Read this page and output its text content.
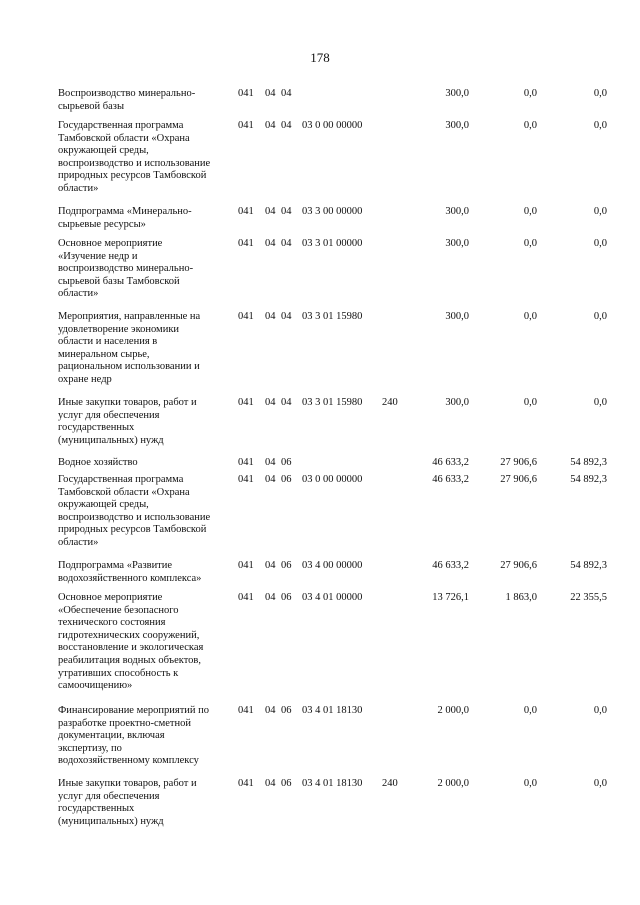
178
Воспроизводство минерально-
сырьевой базы
041 04 04	300,0	0,0	0,0
Государственная программа
Тамбовской области «Охрана
окружающей среды,
воспроизводство и использование
природных ресурсов Тамбовской
области»
041 04 04 03 0 00 00000	300,0	0,0	0,0
Подпрограмма «Минерально-
сырьевые ресурсы»
041 04 04 03 3 00 00000	300,0	0,0	0,0
Основное мероприятие
«Изучение недр и
воспроизводство минерально-
сырьевой базы Тамбовской
области»
041 04 04 03 3 01 00000	300,0	0,0	0,0
Мероприятия, направленные на
удовлетворение экономики
области и населения в
минеральном сырье,
рациональном использовании и
охране недр
041 04 04 03 3 01 15980	300,0	0,0	0,0
Иные закупки товаров, работ и
услуг для обеспечения
государственных
(муниципальных) нужд
041 04 04 03 3 01 15980 240	300,0	0,0	0,0
Водное хозяйство	041 04 06	46 633,2	27 906,6	54 892,3
Государственная программа
Тамбовской области «Охрана
окружающей среды,
воспроизводство и использование
природных ресурсов Тамбовской
области»
041 04 06 03 0 00 00000	46 633,2	27 906,6	54 892,3
Подпрограмма «Развитие
водохозяйственного комплекса»
041 04 06 03 4 00 00000	46 633,2	27 906,6	54 892,3
Основное мероприятие
«Обеспечение безопасного
технического состояния
гидротехнических сооружений,
восстановление и экологическая
реабилитация водных объектов,
утративших способность к
самоочищению»
041 04 06 03 4 01 00000	13 726,1	1 863,0	22 355,5
Финансирование мероприятий по
разработке проектно-сметной
документации, включая
экспертизу, по
водохозяйственному комплексу
041 04 06 03 4 01 18130	2 000,0	0,0	0,0
Иные закупки товаров, работ и
услуг для обеспечения
государственных
(муниципальных) нужд
041 04 06 03 4 01 18130 240	2 000,0	0,0	0,0
